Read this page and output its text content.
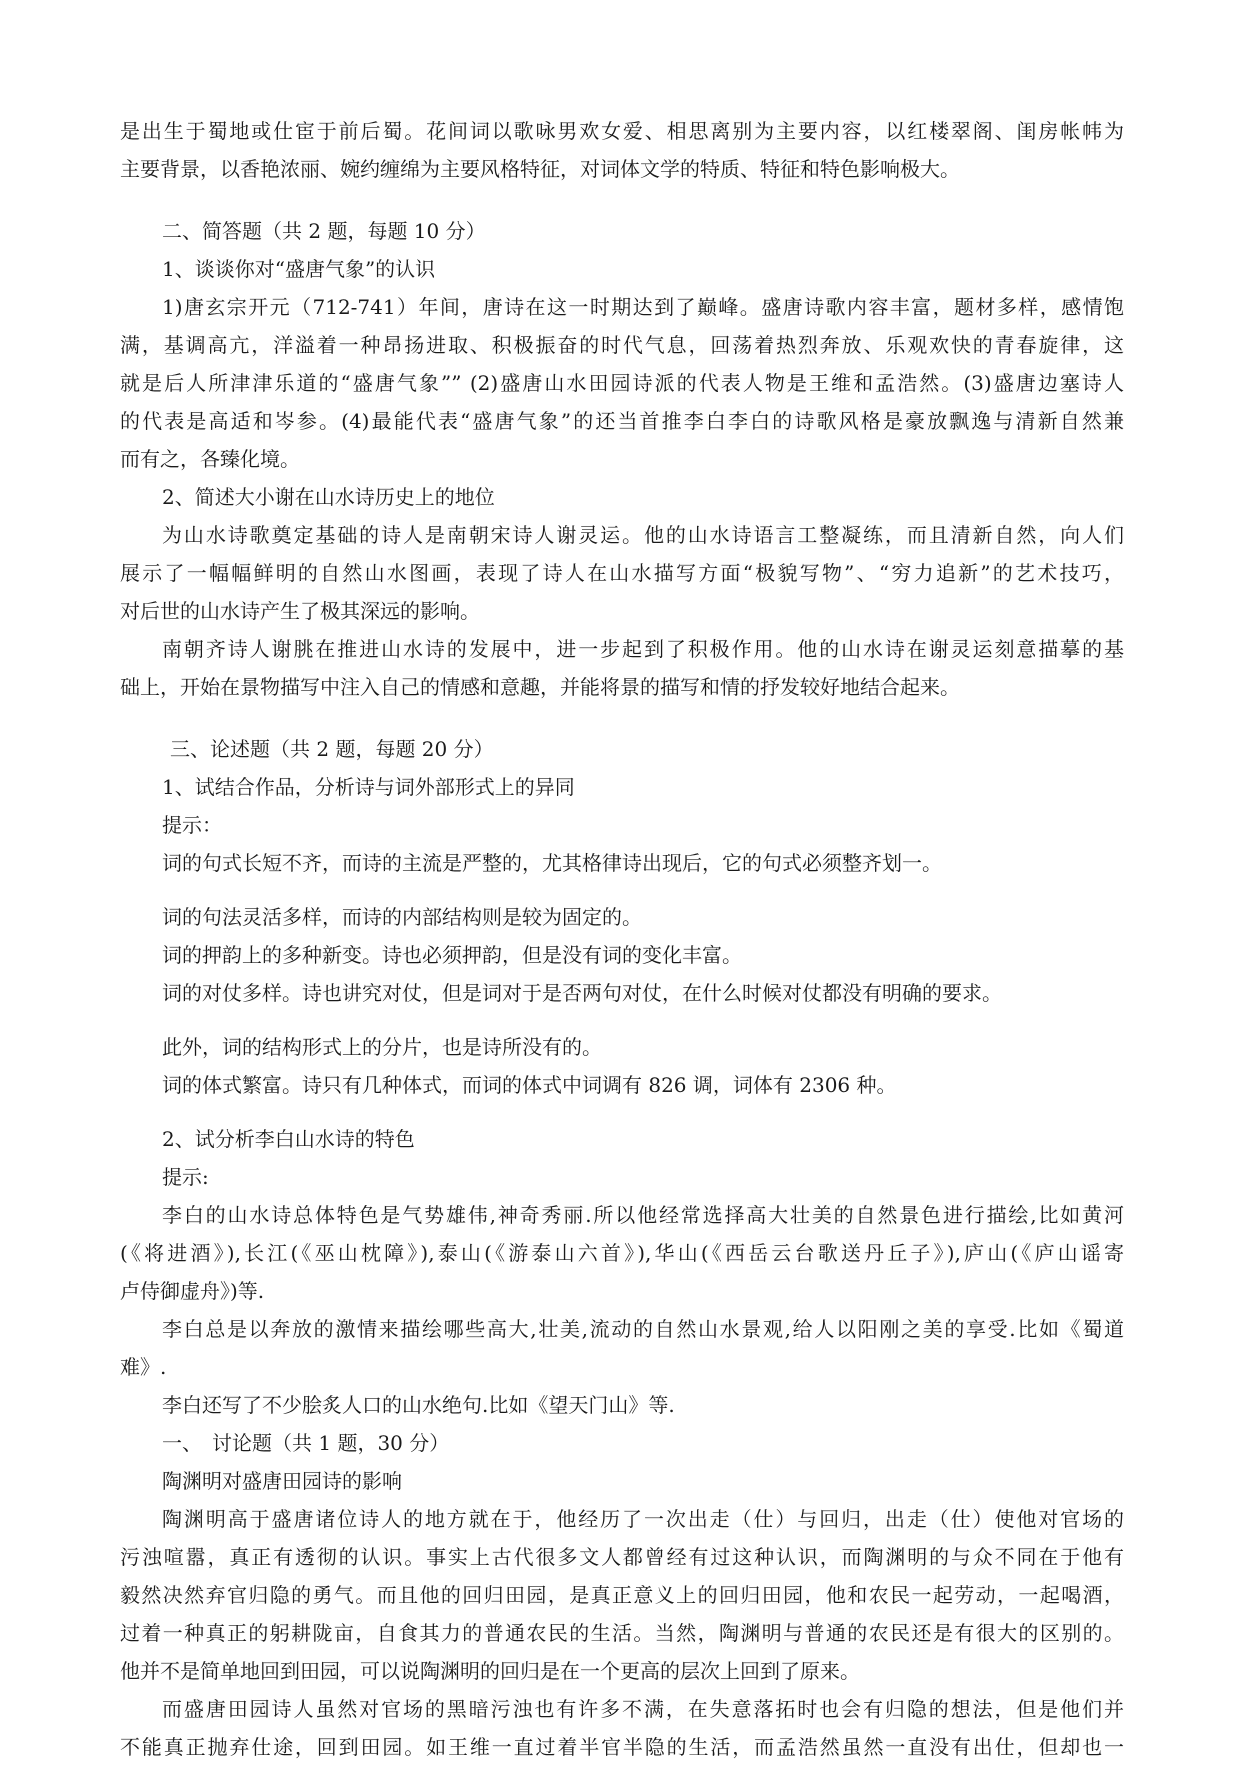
是出生于蜀地或仕宦于前后蜀。花间词以歌咏男欢女爱、相思离别为主要内容，以红楼翠阁、闺房帐帏为
主要背景，以香艳浓丽、婉约缠绵为主要风格特征，对词体文学的特质、特征和特色影响极大。
二、简答题（共 2 题，每题 10 分）
1、谈谈你对“盛唐气象”的认识
1)唐玄宗开元（712-741）年间，唐诗在这一时期达到了巅峰。盛唐诗歌内容丰富，题材多样，感情饱
满，基调高亢，洋溢着一种昂扬进取、积极振奋的时代气息，回荡着热烈奔放、乐观欢快的青春旋律，这
就是后人所津津乐道的“盛唐气象”” (2)盛唐山水田园诗派的代表人物是王维和孟浩然。(3)盛唐边塞诗人
的代表是高适和岑参。(4)最能代表“盛唐气象”的还当首推李白李白的诗歌风格是豪放飘逸与清新自然兼
而有之，各臻化境。
2、简述大小谢在山水诗历史上的地位
为山水诗歌奠定基础的诗人是南朝宋诗人谢灵运。他的山水诗语言工整凝练，而且清新自然，向人们
展示了一幅幅鲜明的自然山水图画，表现了诗人在山水描写方面“极貌写物”、“穷力追新”的艺术技巧，
对后世的山水诗产生了极其深远的影响。
南朝齐诗人谢朓在推进山水诗的发展中，进一步起到了积极作用。他的山水诗在谢灵运刻意描摹的基
础上，开始在景物描写中注入自己的情感和意趣，并能将景的描写和情的抒发较好地结合起来。
三、论述题（共 2 题，每题 20 分）
1、试结合作品，分析诗与词外部形式上的异同
提示：
词的句式长短不齐，而诗的主流是严整的，尤其格律诗出现后，它的句式必须整齐划一。
词的句法灵活多样，而诗的内部结构则是较为固定的。
词的押韵上的多种新变。诗也必须押韵，但是没有词的变化丰富。
词的对仗多样。诗也讲究对仗，但是词对于是否两句对仗，在什么时候对仗都没有明确的要求。
此外，词的结构形式上的分片，也是诗所没有的。
词的体式繁富。诗只有几种体式，而词的体式中词调有 826 调，词体有 2306 种。
2、试分析李白山水诗的特色
提示:
李白的山水诗总体特色是气势雄伟,神奇秀丽.所以他经常选择高大壮美的自然景色进行描绘,比如黄河
(《将进酒》),长江(《巫山枕障》),泰山(《游泰山六首》),华山(《西岳云台歌送丹丘子》),庐山(《庐山谣寄
卢侍御虚舟》)等.
李白总是以奔放的激情来描绘哪些高大,壮美,流动的自然山水景观,给人以阳刚之美的享受.比如《蜀道
难》.
李白还写了不少脍炙人口的山水绝句.比如《望天门山》等.
一、　讨论题（共 1 题，30 分）
陶渊明对盛唐田园诗的影响
陶渊明高于盛唐诸位诗人的地方就在于，他经历了一次出走（仕）与回归，出走（仕）使他对官场的
污浊喧嚣，真正有透彻的认识。事实上古代很多文人都曾经有过这种认识，而陶渊明的与众不同在于他有
毅然决然弃官归隐的勇气。而且他的回归田园，是真正意义上的回归田园，他和农民一起劳动，一起喝酒，
过着一种真正的躬耕陇亩，自食其力的普通农民的生活。当然，陶渊明与普通的农民还是有很大的区别的。
他并不是简单地回到田园，可以说陶渊明的回归是在一个更高的层次上回到了原来。
而盛唐田园诗人虽然对官场的黑暗污浊也有许多不满，在失意落拓时也会有归隐的想法，但是他们并
不能真正抛弃仕途，回到田园。如王维一直过着半官半隐的生活，而孟浩然虽然一直没有出仕，但却也一
